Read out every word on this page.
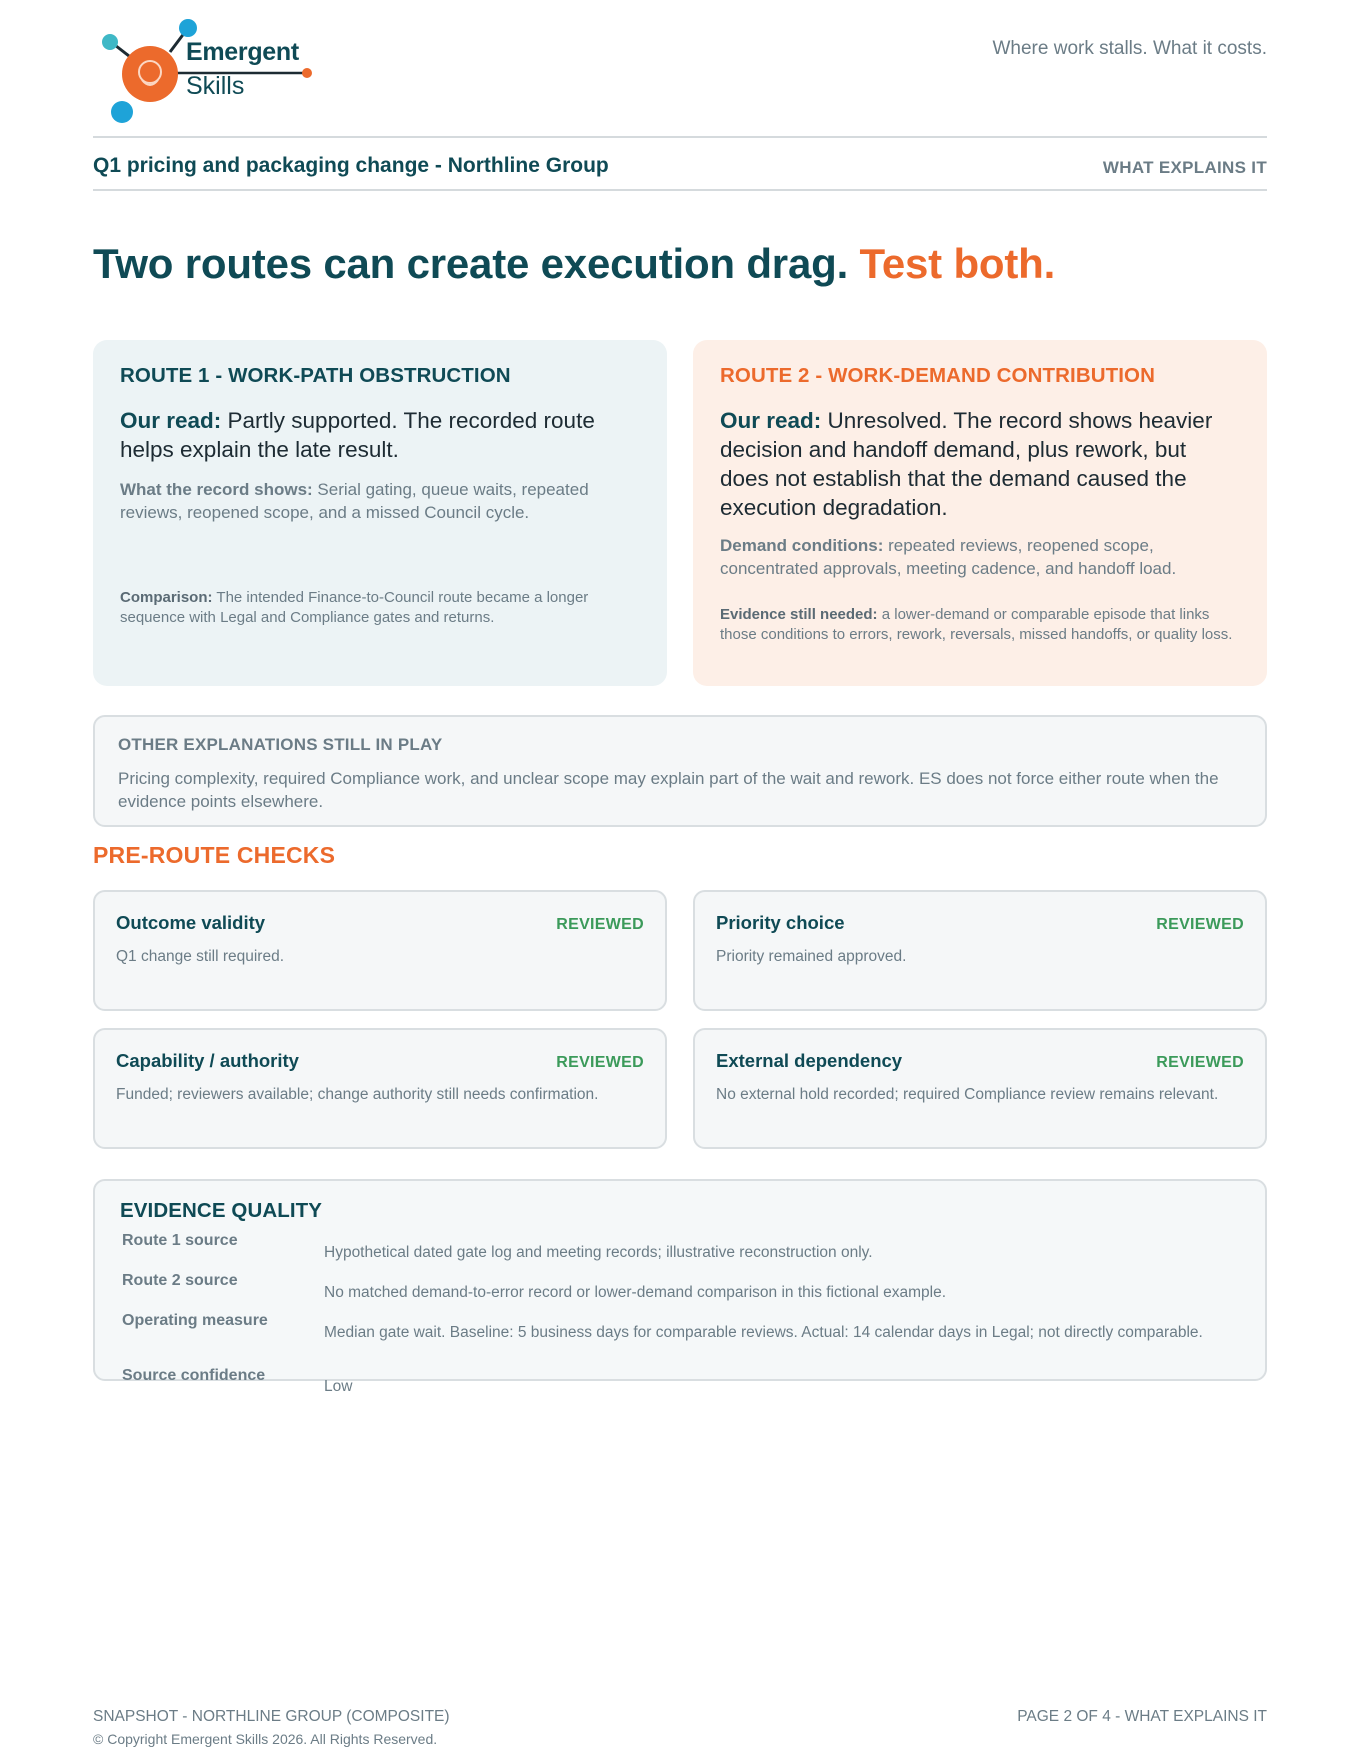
Emergent
Skills
Where work stalls. What it costs.
Q1 pricing and packaging change - Northline Group	WHAT EXPLAINS IT
Two routes can create execution drag. Test both.
ROUTE 1 - WORK-PATH OBSTRUCTION
Our read: Partly supported. The recorded route helps explain the late result.
What the record shows: Serial gating, queue waits, repeated reviews, reopened scope, and a missed Council cycle.
Comparison: The intended Finance-to-Council route became a longer sequence with Legal and Compliance gates and returns.
ROUTE 2 - WORK-DEMAND CONTRIBUTION
Our read: Unresolved. The record shows heavier decision and handoff demand, plus rework, but does not establish that the demand caused the execution degradation.
Demand conditions: repeated reviews, reopened scope, concentrated approvals, meeting cadence, and handoff load.
Evidence still needed: a lower-demand or comparable episode that links those conditions to errors, rework, reversals, missed handoffs, or quality loss.
OTHER EXPLANATIONS STILL IN PLAY
Pricing complexity, required Compliance work, and unclear scope may explain part of the wait and rework. ES does not force either route when the evidence points elsewhere.
PRE-ROUTE CHECKS
Outcome validity	REVIEWED
Q1 change still required.
Priority choice	REVIEWED
Priority remained approved.
Capability / authority	REVIEWED
Funded; reviewers available; change authority still needs confirmation.
External dependency	REVIEWED
No external hold recorded; required Compliance review remains relevant.
EVIDENCE QUALITY
Route 1 source
Hypothetical dated gate log and meeting records; illustrative reconstruction only.
Route 2 source
No matched demand-to-error record or lower-demand comparison in this fictional example.
Operating measure
Median gate wait. Baseline: 5 business days for comparable reviews. Actual: 14 calendar days in Legal; not directly comparable.
Source confidence
Low
SNAPSHOT - NORTHLINE GROUP (COMPOSITE)
© Copyright Emergent Skills 2026. All Rights Reserved.
PAGE 2 OF 4 - WHAT EXPLAINS IT
